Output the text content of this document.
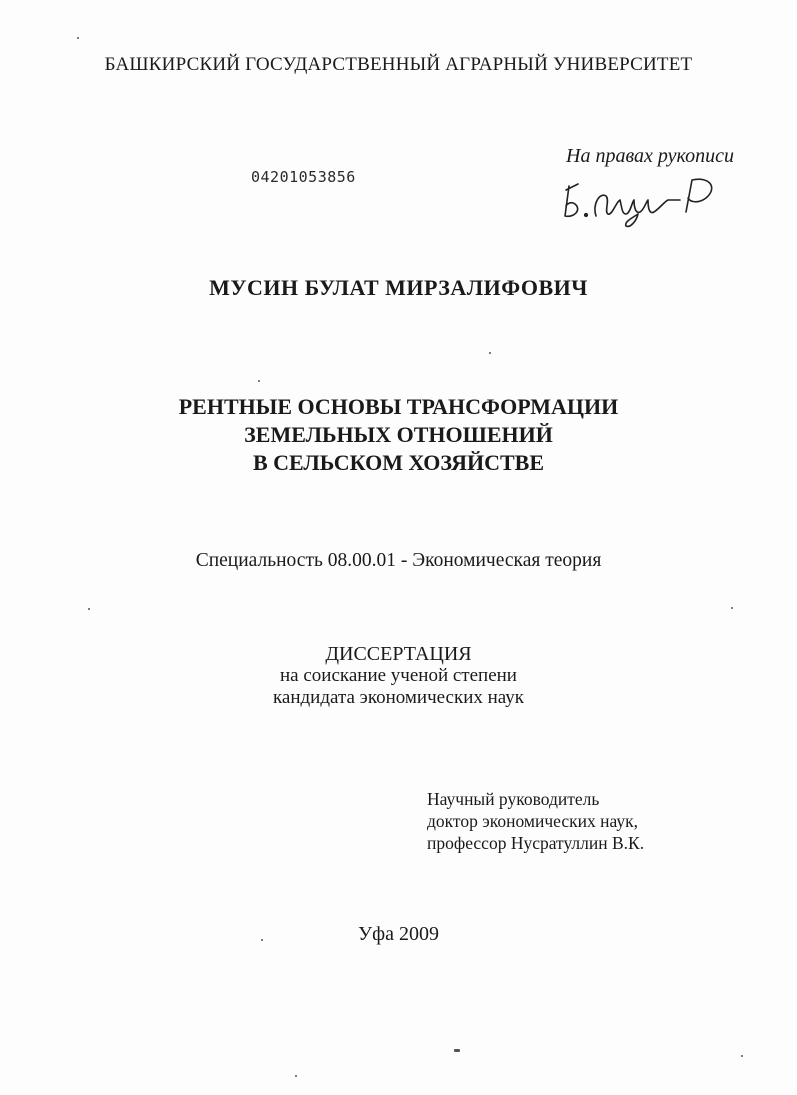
БАШКИРСКИЙ ГОСУДАРСТВЕННЫЙ АГРАРНЫЙ УНИВЕРСИТЕТ
04201053856
На правах рукописи
МУСИН БУЛАТ МИРЗАЛИФОВИЧ
РЕНТНЫЕ ОСНОВЫ ТРАНСФОРМАЦИИ
ЗЕМЕЛЬНЫХ ОТНОШЕНИЙ
В СЕЛЬСКОМ ХОЗЯЙСТВЕ
Специальность 08.00.01 - Экономическая теория
ДИССЕРТАЦИЯ
на соискание ученой степени
кандидата экономических наук
Научный руководитель
доктор экономических наук,
профессор Нусратуллин В.К.
Уфа 2009
